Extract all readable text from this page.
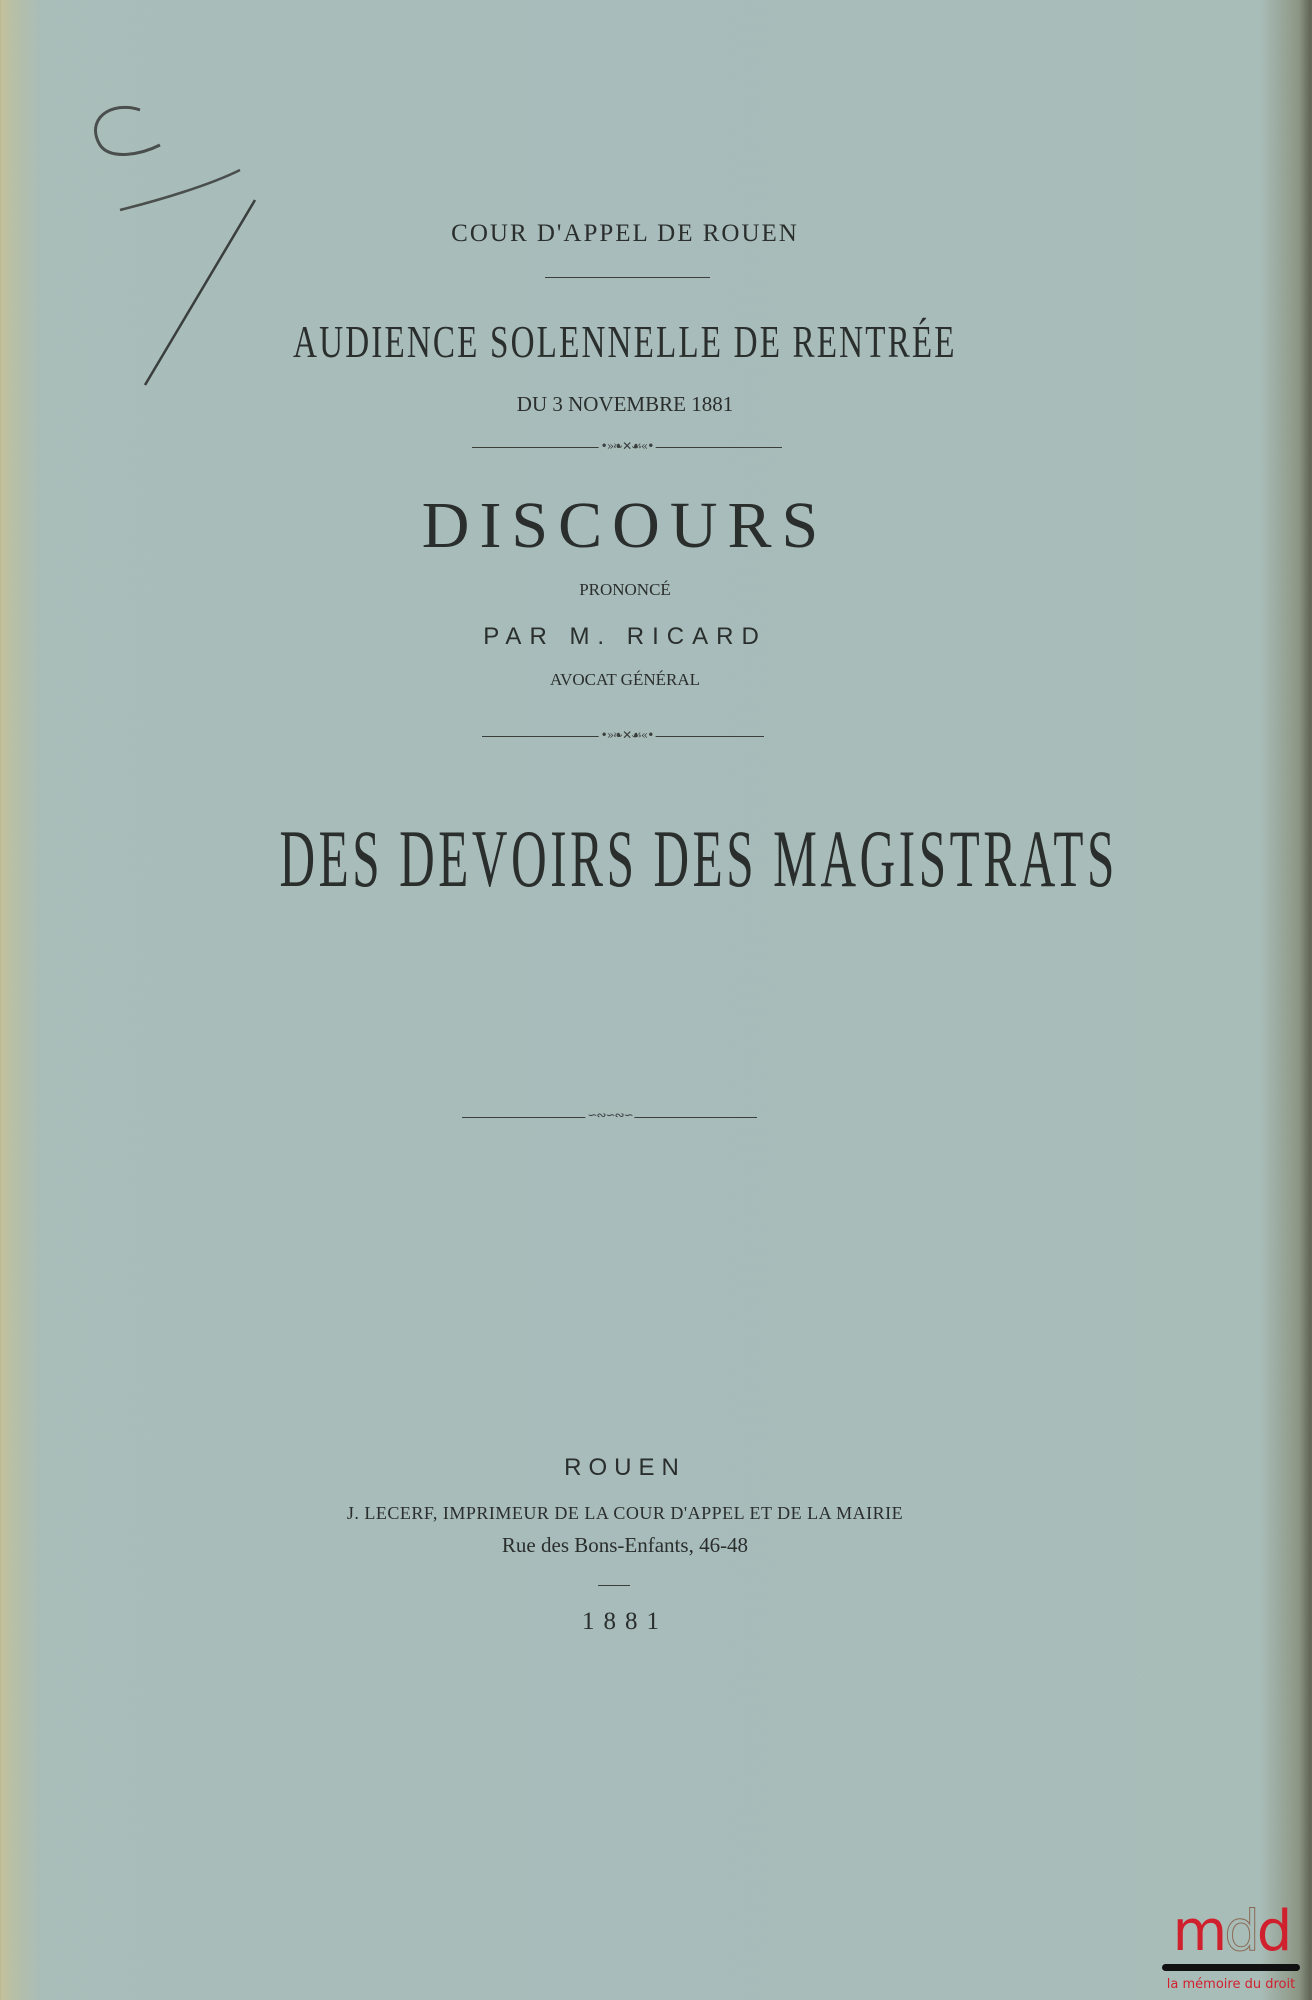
COUR D'APPEL DE ROUEN
AUDIENCE SOLENNELLE DE RENTRÉE
DU 3 NOVEMBRE 1881
•»❧✕☙«•
DISCOURS
PRONONCÉ
PAR M. RICARD
AVOCAT GÉNÉRAL
•»❧✕☙«•
DES DEVOIRS DES MAGISTRATS
∽∾∽∾∽
ROUEN
J. LECERF, IMPRIMEUR DE LA COUR D'APPEL ET DE LA MAIRIE
Rue des Bons-Enfants, 46-48
1881
mdd
la mémoire du droit
